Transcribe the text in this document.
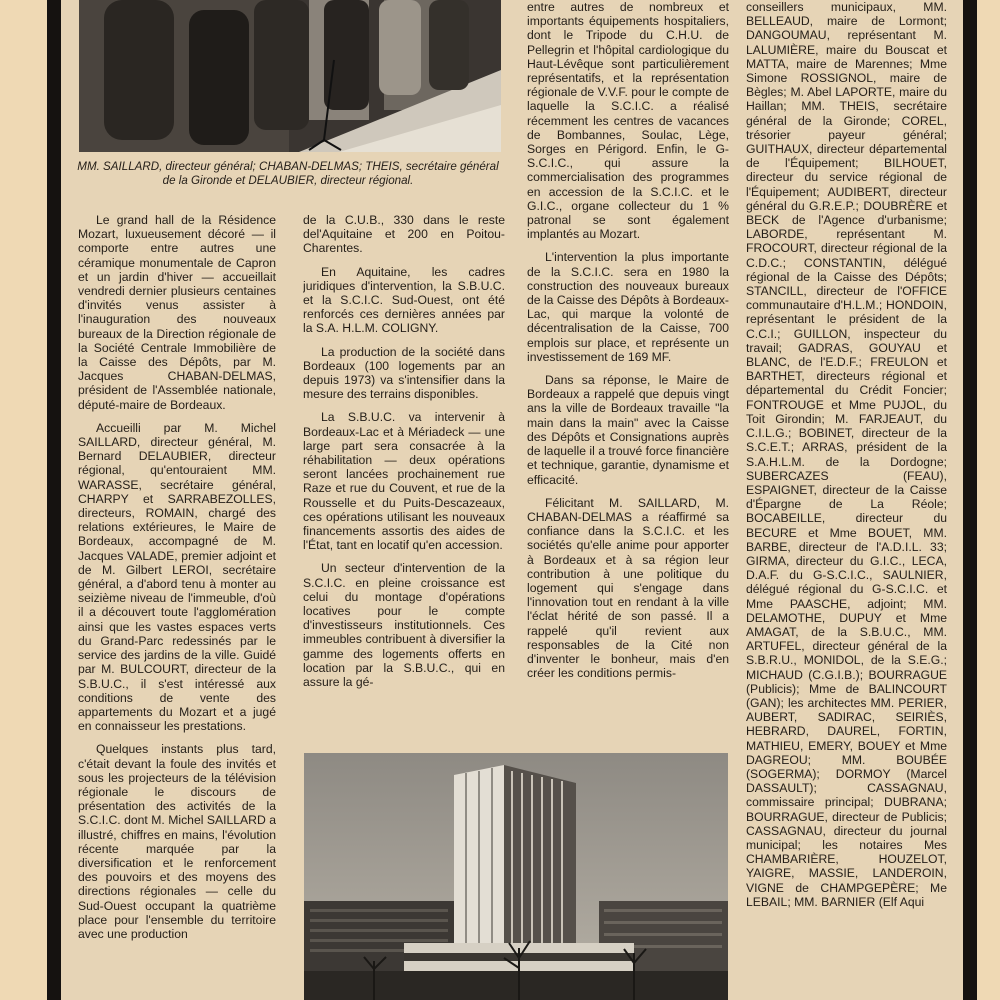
MM. SAILLARD, directeur général; CHABAN-DELMAS; THEIS, secrétaire général de la Gironde et DELAUBIER, directeur régional.

Le grand hall de la Résidence Mozart, luxueusement décoré — il comporte entre autres une céramique monumentale de Capron et un jardin d'hiver — accueillait vendredi dernier plusieurs centaines d'invités venus assister à l'inauguration des nouveaux bureaux de la Direction régionale de la Société Centrale Immobilière de la Caisse des Dépôts, par M. Jacques CHABAN-DELMAS, président de l'Assemblée nationale, député-maire de Bordeaux.

Accueilli par M. Michel SAILLARD, directeur général, M. Bernard DELAUBIER, directeur régional, qu'entouraient MM. WARASSE, secrétaire général, CHARPY et SARRABEZOLLES, directeurs, ROMAIN, chargé des relations extérieures, le Maire de Bordeaux, accompagné de M. Jacques VALADE, premier adjoint et de M. Gilbert LEROI, secrétaire général, a d'abord tenu à monter au seizième niveau de l'immeuble, d'où il a découvert toute l'agglomération ainsi que les vastes espaces verts du Grand-Parc redessinés par le service des jardins de la ville. Guidé par M. BULCOURT, directeur de la S.B.U.C., il s'est intéressé aux conditions de vente des appartements du Mozart et a jugé en connaisseur les prestations.

Quelques instants plus tard, c'était devant la foule des invités et sous les projecteurs de la télévision régionale le discours de présentation des activités de la S.C.I.C. dont M. Michel SAILLARD a illustré, chiffres en mains, l'évolution récente marquée par la diversification et le renforcement des pouvoirs et des moyens des directions régionales — celle du Sud-Ouest occupant la quatrième place pour l'ensemble du territoire avec une production

de la C.U.B., 330 dans le reste del'Aquitaine et 200 en Poitou-Charentes.

En Aquitaine, les cadres juridiques d'intervention, la S.B.U.C. et la S.C.I.C. Sud-Ouest, ont été renforcés ces dernières années par la S.A. H.L.M. COLIGNY.

La production de la société dans Bordeaux (100 logements par an depuis 1973) va s'intensifier dans la mesure des terrains disponibles.

La S.B.U.C. va intervenir à Bordeaux-Lac et à Mériadeck — une large part sera consacrée à la réhabilitation — deux opérations seront lancées prochainement rue Raze et rue du Couvent, et rue de la Rousselle et du Puits-Descazeaux, ces opérations utilisant les nouveaux financements assortis des aides de l'État, tant en locatif qu'en accession.

Un secteur d'intervention de la S.C.I.C. en pleine croissance est celui du montage d'opérations locatives pour le compte d'investisseurs institutionnels. Ces immeubles contribuent à diversifier la gamme des logements offerts en location par la S.B.U.C., qui en assure la gé-

entre autres de nombreux et importants équipements hospitaliers, dont le Tripode du C.H.U. de Pellegrin et l'hôpital cardiologique du Haut-Lévêque sont particulièrement représentatifs, et la représentation régionale de V.V.F. pour le compte de laquelle la S.C.I.C. a réalisé récemment les centres de vacances de Bombannes, Soulac, Lège, Sorges en Périgord. Enfin, le G-S.C.I.C., qui assure la commercialisation des programmes en accession de la S.C.I.C. et le G.I.C., organe collecteur du 1 % patronal se sont également implantés au Mozart.

L'intervention la plus importante de la S.C.I.C. sera en 1980 la construction des nouveaux bureaux de la Caisse des Dépôts à Bordeaux-Lac, qui marque la volonté de décentralisation de la Caisse, 700 emplois sur place, et représente un investissement de 169 MF.

Dans sa réponse, le Maire de Bordeaux a rappelé que depuis vingt ans la ville de Bordeaux travaille "la main dans la main" avec la Caisse des Dépôts et Consignations auprès de laquelle il a trouvé force financière et technique, garantie, dynamisme et efficacité.

Félicitant M. SAILLARD, M. CHABAN-DELMAS a réaffirmé sa confiance dans la S.C.I.C. et les sociétés qu'elle anime pour apporter à Bordeaux et à sa région leur contribution à une politique du logement qui s'engage dans l'innovation tout en rendant à la ville l'éclat hérité de son passé. Il a rappelé qu'il revient aux responsables de la Cité non d'inventer le bonheur, mais d'en créer les conditions permis-

conseillers municipaux, MM. BELLEAUD, maire de Lormont; DANGOUMAU, représentant M. LALUMIÈRE, maire du Bouscat et MATTA, maire de Marennes; Mme Simone ROSSIGNOL, maire de Bègles; M. Abel LAPORTE, maire du Haillan; MM. THEIS, secrétaire général de la Gironde; COREL, trésorier payeur général; GUITHAUX, directeur départemental de l'Équipement; BILHOUET, directeur du service régional de l'Équipement; AUDIBERT, directeur général du G.R.E.P.; DOUBRÈRE et BECK de l'Agence d'urbanisme; LABORDE, représentant M. FROCOURT, directeur régional de la C.D.C.; CONSTANTIN, délégué régional de la Caisse des Dépôts; STANCILL, directeur de l'OFFICE communautaire d'H.L.M.; HONDOIN, représentant le président de la C.C.I.; GUILLON, inspecteur du travail; GADRAS, GOUYAU et BLANC, de l'E.D.F.; FREULON et BARTHET, directeurs régional et départemental du Crédit Foncier; FONTROUGE et Mme PUJOL, du Toit Girondin; M. FARJEAUT, du C.I.L.G.; BOBINET, directeur de la S.C.E.T.; ARRAS, président de la S.A.H.L.M. de la Dordogne; SUBERCAZES (FEAU), ESPAIGNET, directeur de la Caisse d'Épargne de La Réole; BOCABEILLE, directeur du BECURE et Mme BOUET, MM. BARBE, directeur de l'A.D.I.L. 33; GIRMA, directeur du G.I.C., LECA, D.A.F. du G-S.C.I.C., SAULNIER, délégué régional du G-S.C.I.C. et Mme PAASCHE, adjoint; MM. DELAMOTHE, DUPUY et Mme AMAGAT, de la S.B.U.C., MM. ARTUFEL, directeur général de la S.B.R.U., MONIDOL, de la S.E.G.; MICHAUD (C.G.I.B.); BOURRAGUE (Publicis); Mme de BALINCOURT (GAN); les architectes MM. PERIER, AUBERT, SADIRAC, SEIRIÈS, HEBRARD, DAUREL, FORTIN, MATHIEU, EMERY, BOUEY et Mme DAGREOU; MM. BOUBÉE (SOGERMA); DORMOY (Marcel DASSAULT); CASSAGNAU, commissaire principal; DUBRANA; BOURRAGUE, directeur de Publicis; CASSAGNAU, directeur du journal municipal; les notaires Mes CHAMBARIÈRE, HOUZELOT, YAIGRE, MASSIE, LANDEROIN, VIGNE de CHAMPGEPÈRE; Me LEBAIL; MM. BARNIER (Elf Aqui
